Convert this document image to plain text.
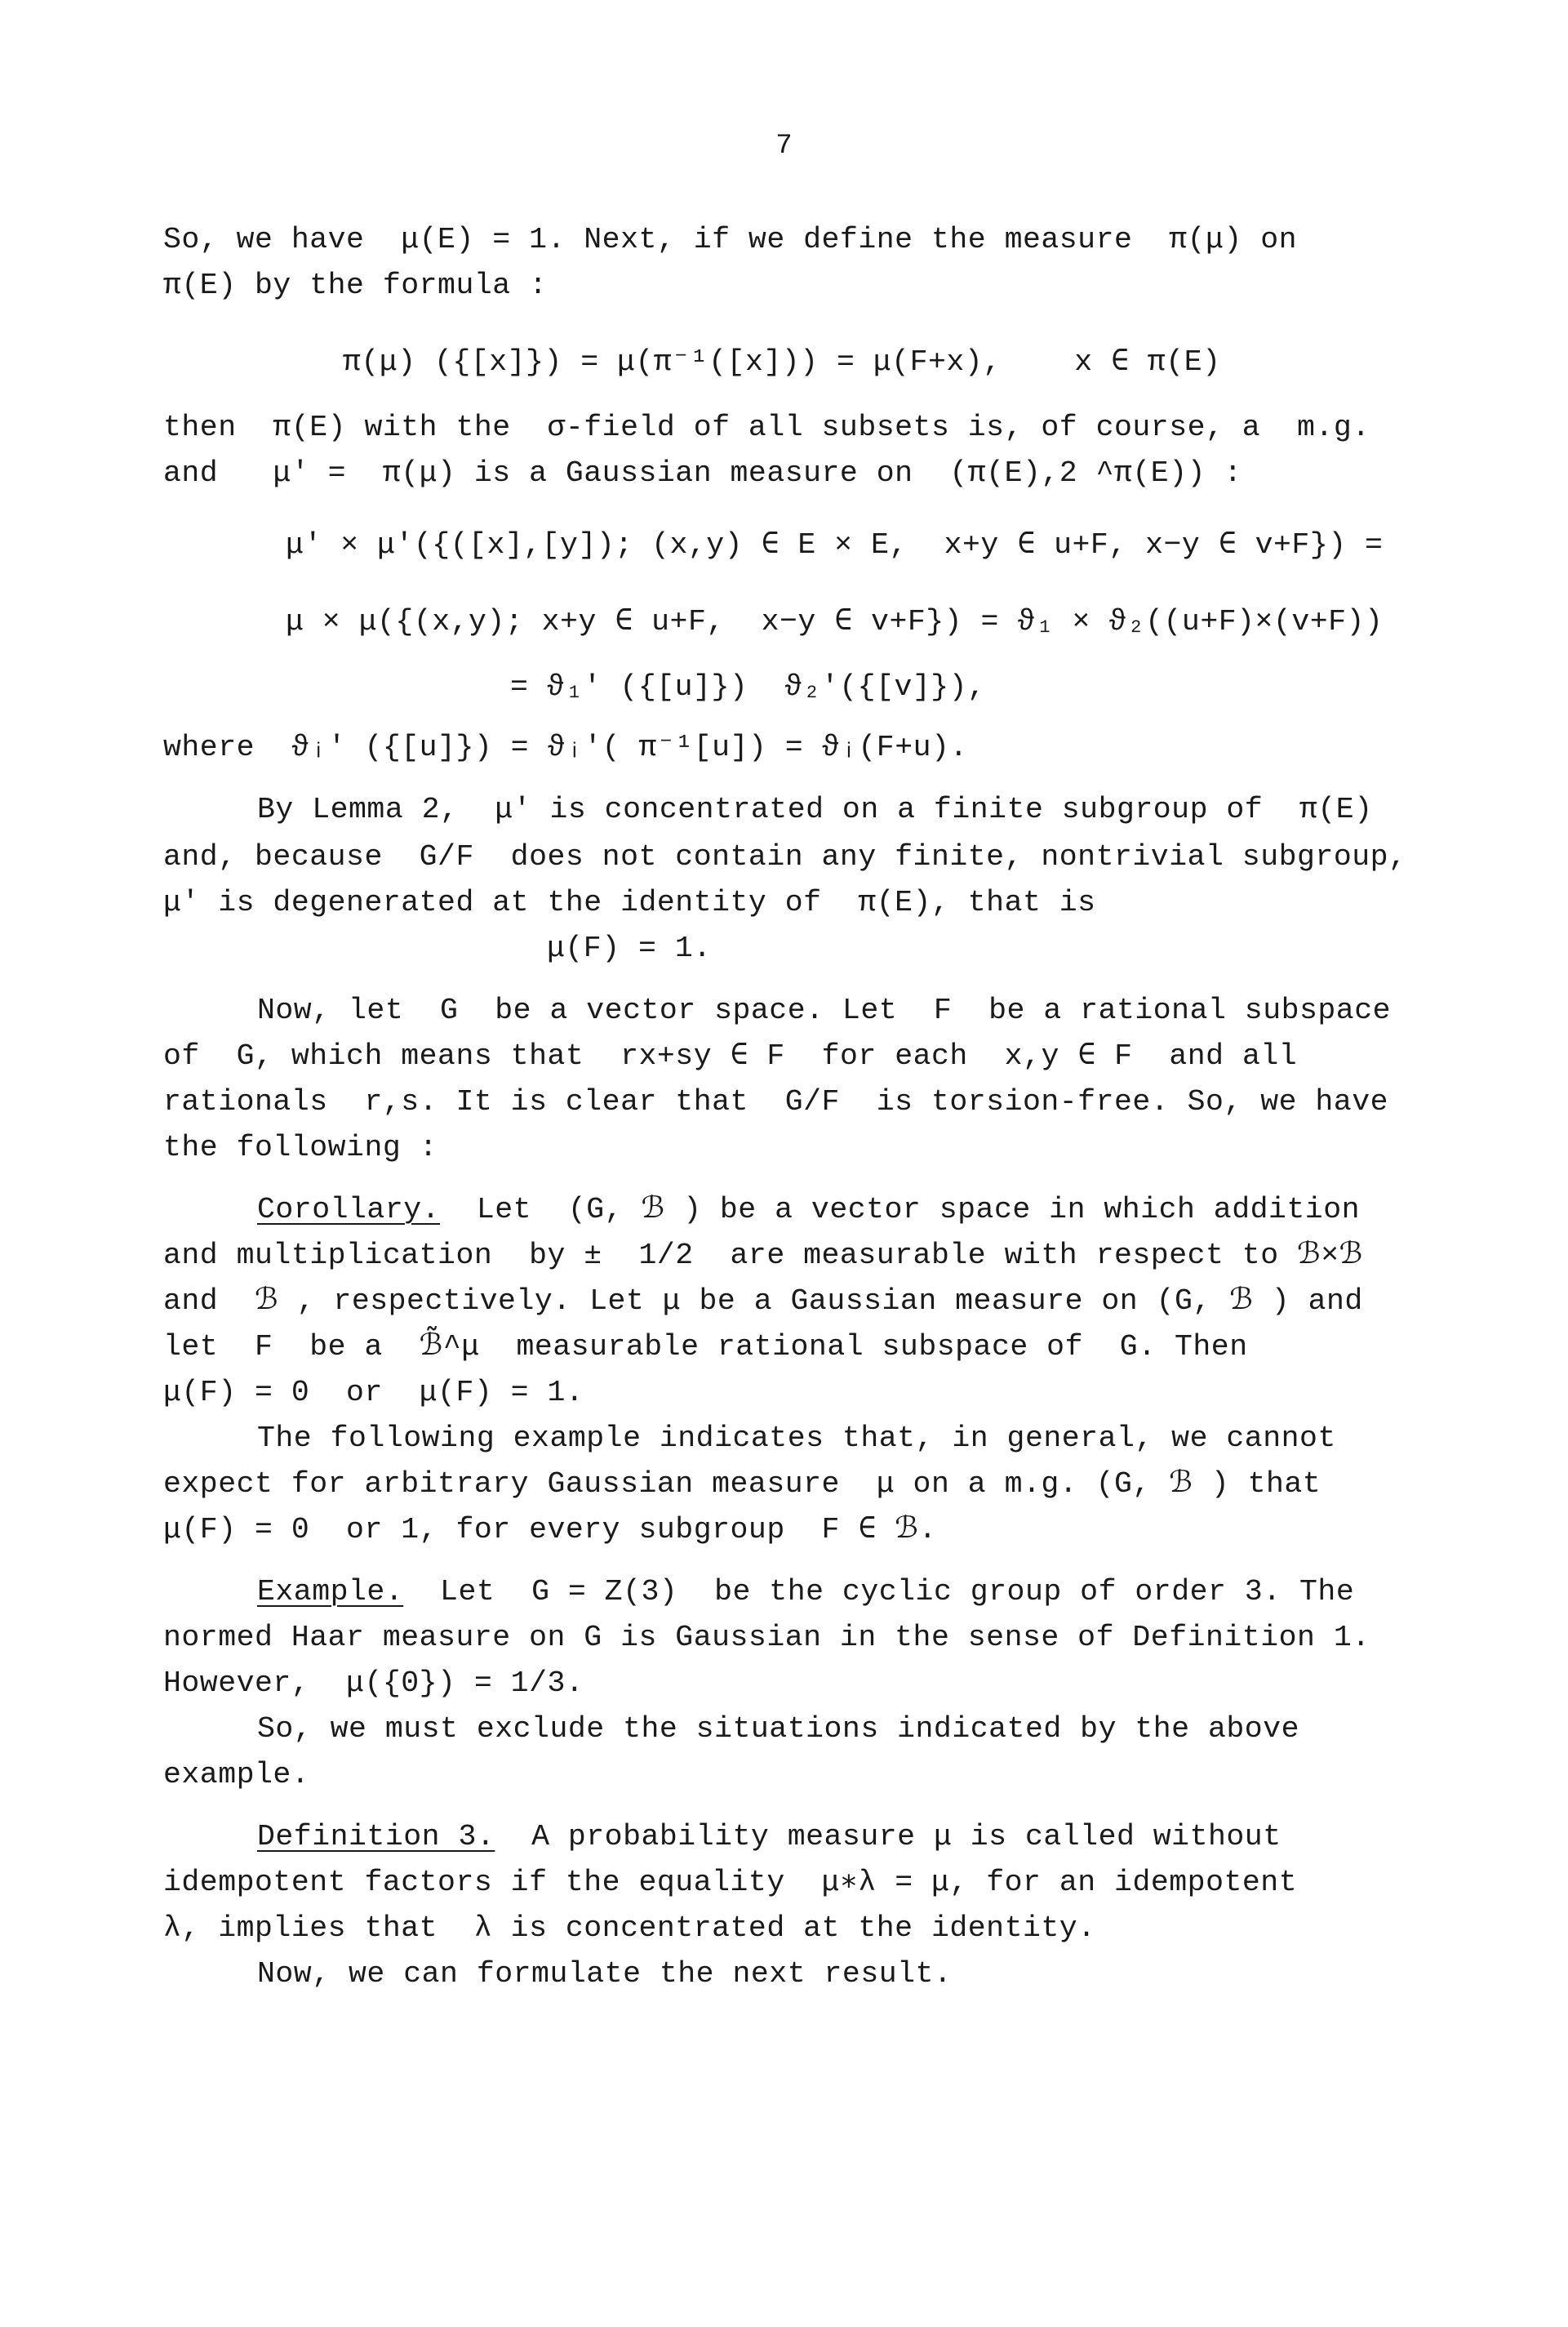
7
So, we have  μ(E) = 1. Next, if we define the measure  π(μ) on
π(E) by the formula :
π(μ) ({[x]}) = μ(π⁻¹([x])) = μ(F+x),    x ∈ π(E)
then  π(E) with the  σ-field of all subsets is, of course, a  m.g.
and   μ′ =  π(μ) is a Gaussian measure on  (π(E),2 ^π(E)) :
μ′ × μ′({([x],[y]); (x,y) ∈ E × E,  x+y ∈ u+F, x−y ∈ v+F}) =
μ × μ({(x,y); x+y ∈ u+F,  x−y ∈ v+F}) = ϑ₁ × ϑ₂((u+F)×(v+F))
= ϑ₁′ ({[u]})  ϑ₂′({[v]}),
where  ϑᵢ′ ({[u]}) = ϑᵢ′( π⁻¹[u]) = ϑᵢ(F+u).
By Lemma 2,  μ′ is concentrated on a finite subgroup of  π(E)
and, because  G/F  does not contain any finite, nontrivial subgroup,
μ′ is degenerated at the identity of  π(E), that is
μ(F) = 1.
Now, let  G  be a vector space. Let  F  be a rational subspace
of  G, which means that  rx+sy ∈ F  for each  x,y ∈ F  and all
rationals  r,s. It is clear that  G/F  is torsion-free. So, we have
the following :
Corollary. Let  (G, ℬ ) be a vector space in which addition
and multiplication  by ±  1/2  are measurable with respect to ℬ×ℬ
and  ℬ , respectively. Let μ be a Gaussian measure on (G, ℬ ) and
let  F  be a  ℬ̃^μ  measurable rational subspace of  G. Then
μ(F) = 0  or  μ(F) = 1.
The following example indicates that, in general, we cannot
expect for arbitrary Gaussian measure  μ on a m.g. (G, ℬ ) that
μ(F) = 0  or 1, for every subgroup  F ∈ ℬ.
Example. Let  G = Z(3)  be the cyclic group of order 3. The
normed Haar measure on G is Gaussian in the sense of Definition 1.
However,  μ({0}) = 1/3.
So, we must exclude the situations indicated by the above
example.
Definition 3. A probability measure μ is called without
idempotent factors if the equality  μ∗λ = μ, for an idempotent
λ, implies that  λ is concentrated at the identity.
Now, we can formulate the next result.
